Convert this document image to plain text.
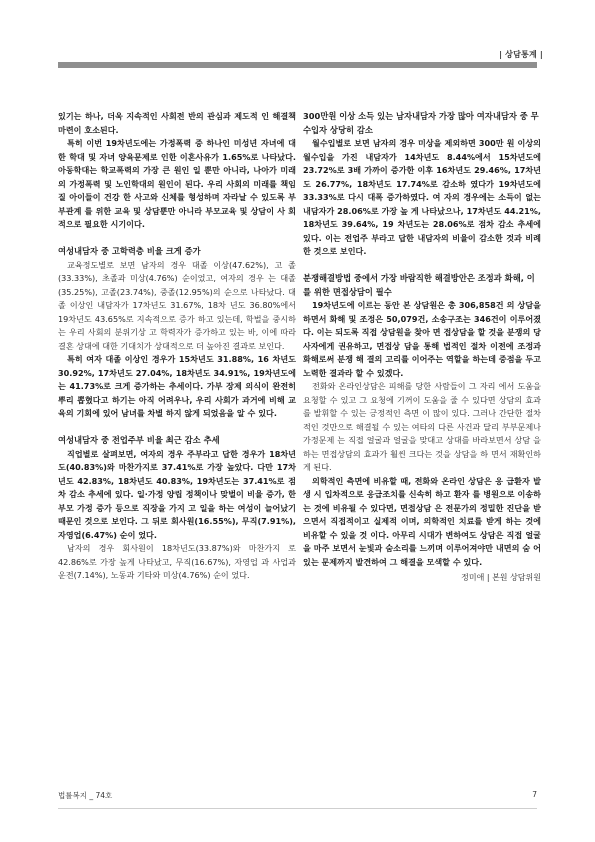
| 상담통계 |

있기는 하나, 더욱 지속적인 사회전 반의 관심과 제도적 인 해결책 마련이 호소된다.

특히 이번 19차년도에는 가정폭력 중 하나인 미성년 자녀에 대한 학대 및 자녀 양육문제로 인한 이혼사유가 1.65%로 나타났다. 아동학대는 학교폭력의 가장 큰 원인 일 뿐만 아니라, 나아가 미래의 가정폭력 및 노인학대의 원인이 된다. 우리 사회의 미래를 책임질 아이들이 건강 한 사고와 신체를 형성하며 자라날 수 있도록 부부관계 를 위한 교육 및 상담뿐만 아니라 부모교육 및 상담이 사 회적으로 필요한 시기이다.

여성내담자 중 고학력층 비율 크게 증가

교육정도별로 보면 남자의 경우 대졸 이상(47.62%), 고 졸(33.33%), 초졸과 미상(4.76%) 순이었고, 여자의 경우 는 대졸(35.25%), 고졸(23.74%), 중졸(12.95%)의 순으로 나타났다. 대졸 이상인 내담자가 17차년도 31.67%, 18차 년도 36.80%에서 19차년도 43.65%로 지속적으로 증가 하고 있는데, 학벌을 중시하는 우리 사회의 분위기상 고 학력자가 증가하고 있는 바, 이에 따라 결혼 상대에 대한 기대치가 상대적으로 더 높아진 결과로 보인다.

특히 여자 대졸 이상인 경우가 15차년도 31.88%, 16 차년도 30.92%, 17차년도 27.04%, 18차년도 34.91%, 19차년도에는 41.73%로 크게 증가하는 추세이다. 가부 장제 의식이 완전히 뿌리 뽑혔다고 하기는 아직 어려우나, 우리 사회가 과거에 비해 교육의 기회에 있어 남녀를 차별 하지 않게 되었음을 알 수 있다.

여성내담자 중 전업주부 비율 최근 감소 추세

직업별로 살펴보면, 여자의 경우 주부라고 답한 경우가 18차년도(40.83%)와 마찬가지로 37.41%로 가장 높았다. 다만 17차년도 42.83%, 18차년도 40.83%, 19차년도는 37.41%로 점차 감소 추세에 있다. 일·가정 양립 정책이나 맞벌이 비율 증가, 한부모 가정 증가 등으로 직장을 가지 고 일을 하는 여성이 늘어났기 때문인 것으로 보인다. 그 뒤로 회사원(16.55%), 무직(7.91%), 자영업(6.47%) 순이 었다.

남자의 경우 회사원이 18차년도(33.87%)와 마찬가지 로 42.86%로 가장 높게 나타났고, 무직(16.67%), 자영업 과 사업과 운전(7.14%), 노동과 기타와 미상(4.76%) 순이 었다.

300만원 이상 소득 있는 남자내담자 가장 많아 여자내담자 중 무수입자 상당히 감소

월수입별로 보면 남자의 경우 미상을 제외하면 300만 원 이상의 월수입을 가진 내담자가 14차년도 8.44%에서 15차년도에 23.72%로 3배 가까이 증가한 이후 16차년도 29.46%, 17차년도 26.77%, 18차년도 17.74%로 감소하 였다가 19차년도에 33.33%로 다시 대폭 증가하였다. 여 자의 경우에는 소득이 없는 내담자가 28.06%로 가장 높 게 나타났으나, 17차년도 44.21%, 18차년도 39.64%, 19 차년도는 28.06%로 점차 감소 추세에 있다. 이는 전업주 부라고 답한 내담자의 비율이 감소한 것과 비례한 것으로 보인다.

분쟁해결방법 중에서 가장 바람직한 해결방안은 조정과 화해, 이를 위한 면접상담이 필수

19차년도에 이르는 동안 본 상담원은 총 306,858건 의 상담을 하면서 화해 및 조정은 50,079건, 소송구조는 346건이 이루어졌다. 이는 되도록 직접 상담원을 찾아 면 접상담을 할 것을 분쟁의 당사자에게 권유하고, 면접상 담을 통해 법적인 절차 이전에 조정과 화해로써 분쟁 해 결의 고리를 이어주는 역할을 하는데 중점을 두고 노력한 결과라 할 수 있겠다.

전화와 온라인상담은 피해를 당한 사람들이 그 자리 에서 도움을 요청할 수 있고 그 요청에 기꺼이 도움을 줄 수 있다면 상담의 효과를 발휘할 수 있는 긍정적인 측면 이 많이 있다. 그러나 간단한 절차적인 것만으로 해결될 수 있는 여타의 다른 사건과 달리 부부문제나 가정문제 는 직접 얼굴과 얼굴을 맞대고 상대를 바라보면서 상담 을 하는 면접상담의 효과가 훨씬 크다는 것을 상담을 하 면서 재확인하게 된다.

의학적인 측면에 비유할 때, 전화와 온라인 상담은 응 급환자 발생 시 입차적으로 응급조치를 신속히 하고 환자 를 병원으로 이송하는 것에 비유될 수 있다면, 면접상담 은 전문가의 정밀한 진단을 받으면서 직접적이고 실제적 이며, 의학적인 치료를 받게 하는 것에 비유할 수 있을 것 이다. 아무리 시대가 변하여도 상담은 직접 얼굴을 마주 보면서 눈빛과 숨소리를 느끼며 이루어져야만 내면의 숨 어있는 문제까지 발견하여 그 해결을 모색할 수 있다.

정미애 | 본원 상담위원
법률복지 _ 74호	7
